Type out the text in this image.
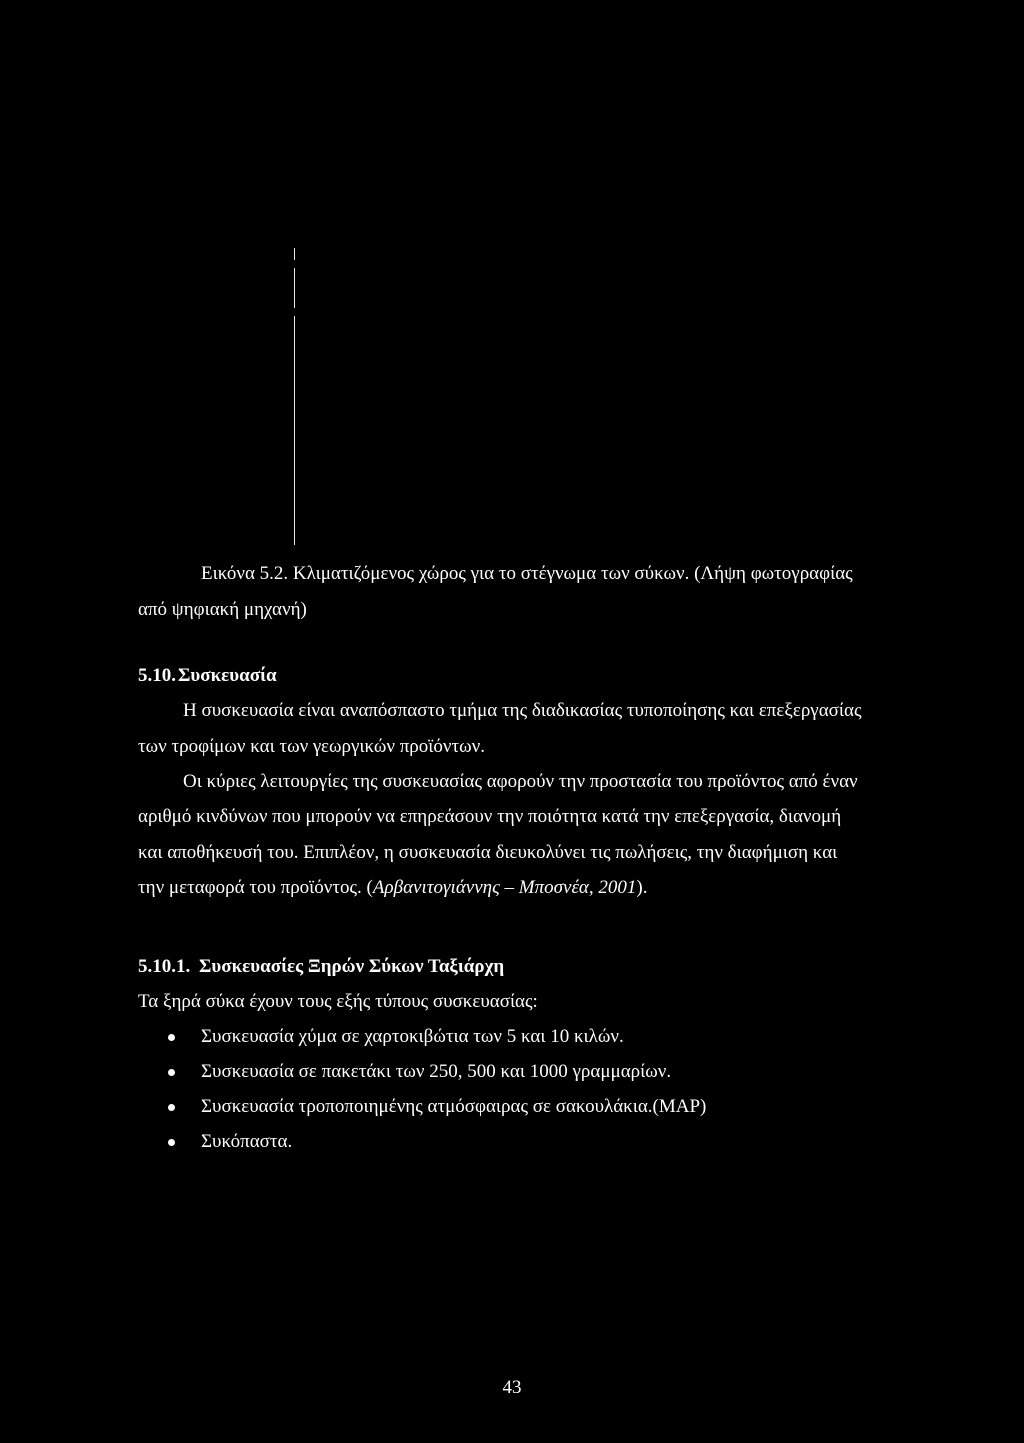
Εικόνα 5.2. Κλιματιζόμενος χώρος για το στέγνωμα των σύκων. (Λήψη φωτογραφίας
από ψηφιακή μηχανή)
5.10. Συσκευασία
Η συσκευασία είναι αναπόσπαστο τμήμα της διαδικασίας τυποποίησης και επεξεργασίας
των τροφίμων και των γεωργικών προϊόντων.
Οι κύριες λειτουργίες της συσκευασίας αφορούν την προστασία του προϊόντος από έναν
αριθμό κινδύνων που μπορούν να επηρεάσουν την ποιότητα κατά την επεξεργασία, διανομή
και αποθήκευσή του. Επιπλέον, η συσκευασία διευκολύνει τις πωλήσεις, την διαφήμιση και
την μεταφορά του προϊόντος. (Αρβανιτογιάννης – Μποσνέα, 2001).
5.10.1. Συσκευασίες Ξηρών Σύκων Ταξιάρχη
Τα ξηρά σύκα έχουν τους εξής τύπους συσκευασίας:
Συσκευασία χύμα σε χαρτοκιβώτια των 5 και 10 κιλών.
Συσκευασία σε πακετάκι των 250, 500 και 1000 γραμμαρίων.
Συσκευασία τροποποιημένης ατμόσφαιρας σε σακουλάκια.(MAP)
Συκόπαστα.
43
